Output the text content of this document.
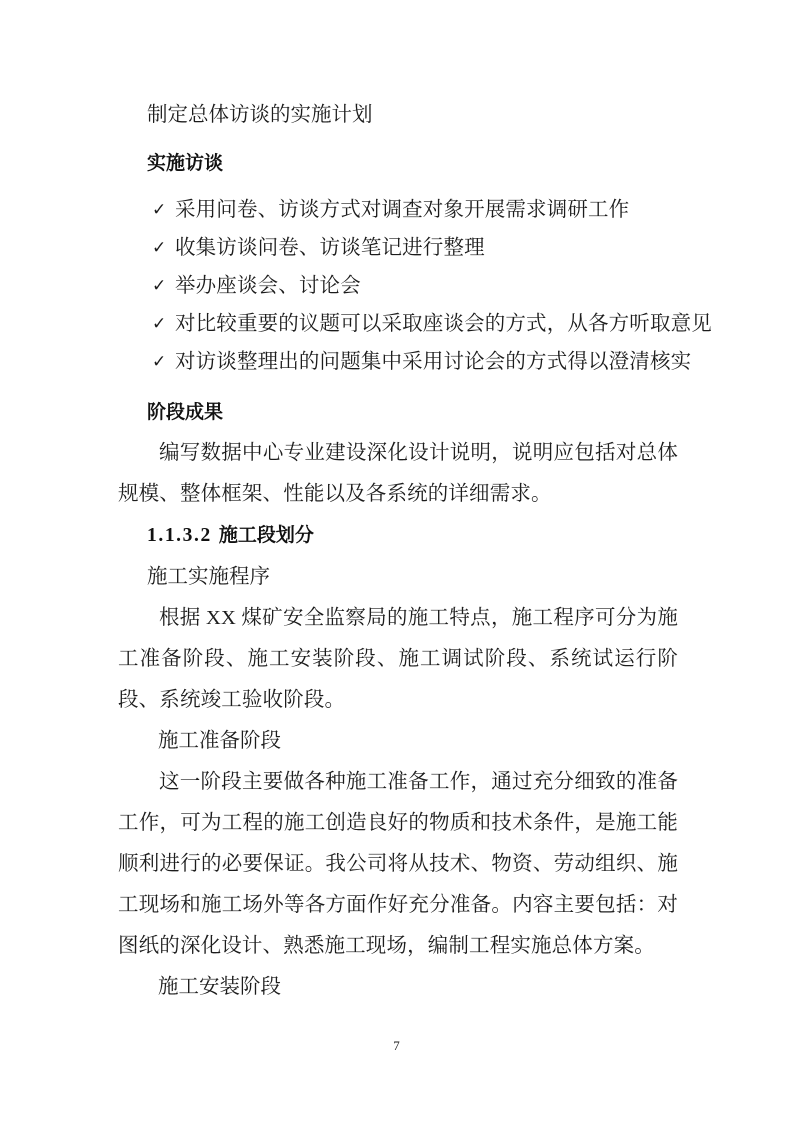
制定总体访谈的实施计划
实施访谈
✓ 采用问卷、访谈方式对调查对象开展需求调研工作
✓ 收集访谈问卷、访谈笔记进行整理
✓ 举办座谈会、讨论会
✓ 对比较重要的议题可以采取座谈会的方式，从各方听取意见
✓ 对访谈整理出的问题集中采用讨论会的方式得以澄清核实
阶段成果

编写数据中心专业建设深化设计说明，说明应包括对总体规模、整体框架、性能以及各系统的详细需求。

1.1.3.2 施工段划分
施工实施程序

根据 XX 煤矿安全监察局的施工特点，施工程序可分为施工准备阶段、施工安装阶段、施工调试阶段、系统试运行阶段、系统竣工验收阶段。

施工准备阶段

这一阶段主要做各种施工准备工作，通过充分细致的准备工作，可为工程的施工创造良好的物质和技术条件，是施工能顺利进行的必要保证。我公司将从技术、物资、劳动组织、施工现场和施工场外等各方面作好充分准备。内容主要包括：对图纸的深化设计、熟悉施工现场，编制工程实施总体方案。

施工安装阶段
7
